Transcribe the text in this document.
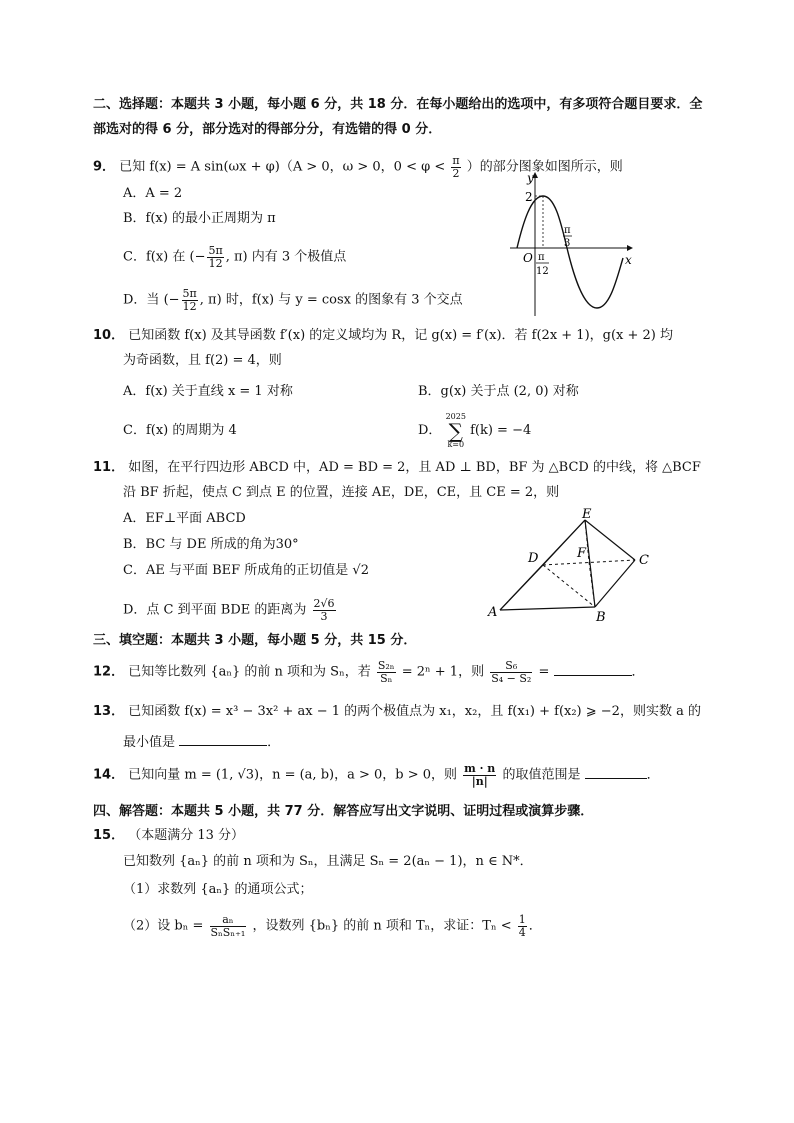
二、选择题：本题共 3 小题，每小题 6 分，共 18 分．在每小题给出的选项中，有多项符合题目要求．全
部选对的得 6 分，部分选对的得部分分，有选错的得 0 分．
9． 已知 f(x) = A sin(ωx + φ)（A > 0，ω > 0，$0 < \varphi < \frac{\pi}{2}$ ）的部分图象如图所示，则
A．A = 2
B．f(x) 的最小正周期为 π
C．f(x) 在 (− $\frac{5\pi}{12}$ , π) 内有 3 个极值点
D．当 (− $\frac{5\pi}{12}$ , π) 时，f(x) 与 y = cosx 的图象有 3 个交点
y
x
O
2
π
12
π
3
10． 已知函数 f(x) 及其导函数 f′(x) 的定义域均为 R，记 g(x) = f′(x)．若 f(2x + 1)，g(x + 2) 均
为奇函数，且 f(2) = 4，则
A．f(x) 关于直线 x = 1 对称	B．g(x) 关于点 (2, 0) 对称
C．f(x) 的周期为 4	D．
2025
∑
k=0
f(k) = −4
11． 如图，在平行四边形 ABCD 中，AD = BD = 2，且 AD ⊥ BD，BF 为 △BCD 的中线，将 △BCF
沿 BF 折起，使点 C 到点 E 的位置，连接 AE，DE，CE，且 CE = 2，则
A．EF⊥平面 ABCD
B．BC 与 DE 所成的角为30°
C．AE 与平面 BEF 所成角的正切值是 √2
D．点 C 到平面 BDE 的距离为 $\frac{2√6}{3}$	A	B
C
D
E
F
三、填空题：本题共 3 小题，每小题 5 分，共 15 分．
12． 已知等比数列 {aₙ} 的前 n 项和为 Sₙ，若 $\frac{\text{S₂ₙ}}{\text{Sₙ}} = 2^n + 1$，则 $\frac{\text{S₆}}{\text{S₄ − S₂}}$ =	．
13． 已知函数 f(x) = x³ − 3x² + ax − 1 的两个极值点为 x₁，x₂，且 f(x₁) + f(x₂) ⩾ −2，则实数 a 的
最小值是	．
14． 已知向量 m = (1, √3)，n = (a, b)，a > 0，b > 0，则 $\frac{m \cdot n}{|n|}$ 的取值范围是	．
四、解答题：本题共 5 小题，共 77 分．解答应写出文字说明、证明过程或演算步骤．
15． （本题满分 13 分）
已知数列 {aₙ} 的前 n 项和为 Sₙ，且满足 Sₙ = 2(aₙ − 1)，n ∈ N*．
（1）求数列 {aₙ} 的通项公式；
（2）设 $b_n = \frac{\text{aₙ}}{\text{SₙSₙ₊₁}}$ ，设数列 {bₙ} 的前 n 项和 Tₙ，求证：$T_n < \frac{1}{4}$ ．
